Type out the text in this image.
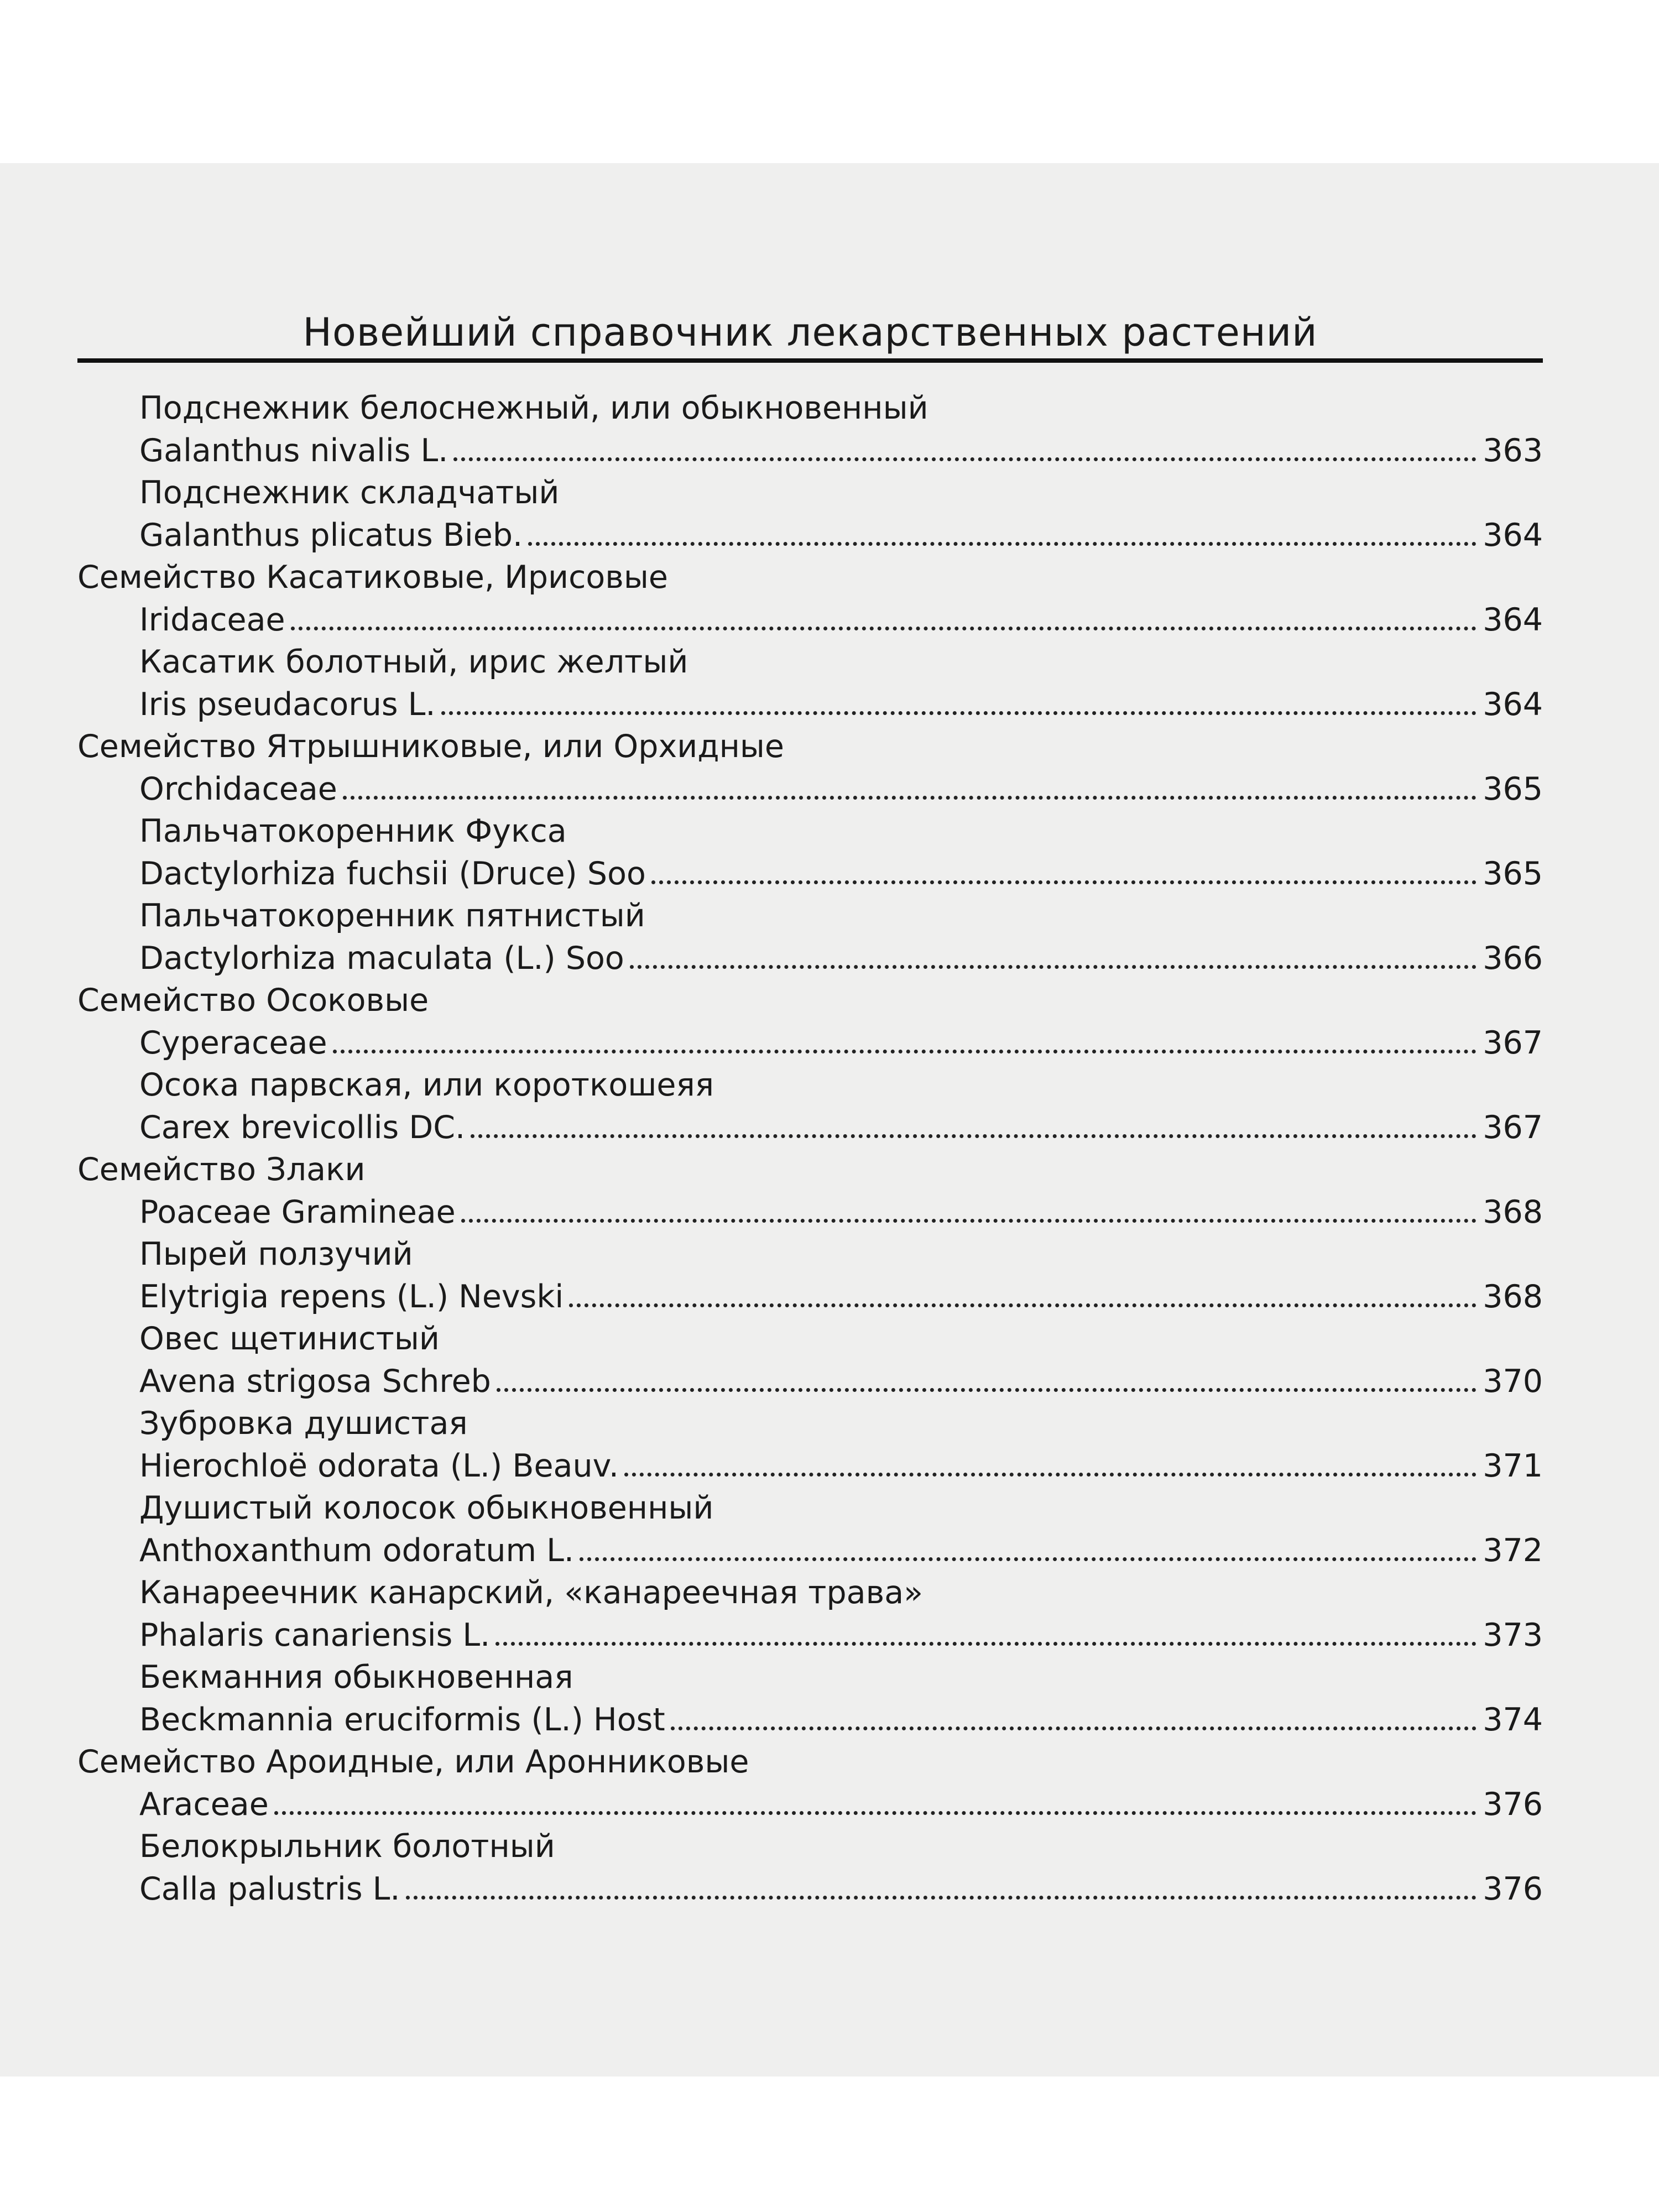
Новейший справочник лекарственных растений
Подснежник белоснежный, или обыкновенный
Galanthus nivalis L.	363
Подснежник складчатый
Galanthus plicatus Bieb.	364
Семейство Касатиковые, Ирисовые
Iridaceae	364
Касатик болотный, ирис желтый
Iris pseudacorus L.	364
Семейство Ятрышниковые, или Орхидные
Orchidaceae	365
Пальчатокоренник Фукса
Dactylorhiza fuchsii (Druce) Soo	365
Пальчатокоренник пятнистый
Dactylorhiza maculata (L.) Soo	366
Семейство Осоковые
Cyperaceae	367
Осока парвская, или короткошеяя
Carex brevicollis DC.	367
Семейство Злаки
Poaceae Gramineae	368
Пырей ползучий
Elytrigia repens (L.) Nevski	368
Овес щетинистый
Avena strigosa Schreb	370
Зубровка душистая
Hierochloë odorata (L.) Beauv.	371
Душистый колосок обыкновенный
Anthoxanthum odoratum L.	372
Канареечник канарский, «канареечная трава»
Phalaris canariensis L.	373
Бекманния обыкновенная
Beckmannia eruciformis (L.) Host	374
Семейство Ароидные, или Аронниковые
Araceae	376
Белокрыльник болотный
Calla palustris L.	376
